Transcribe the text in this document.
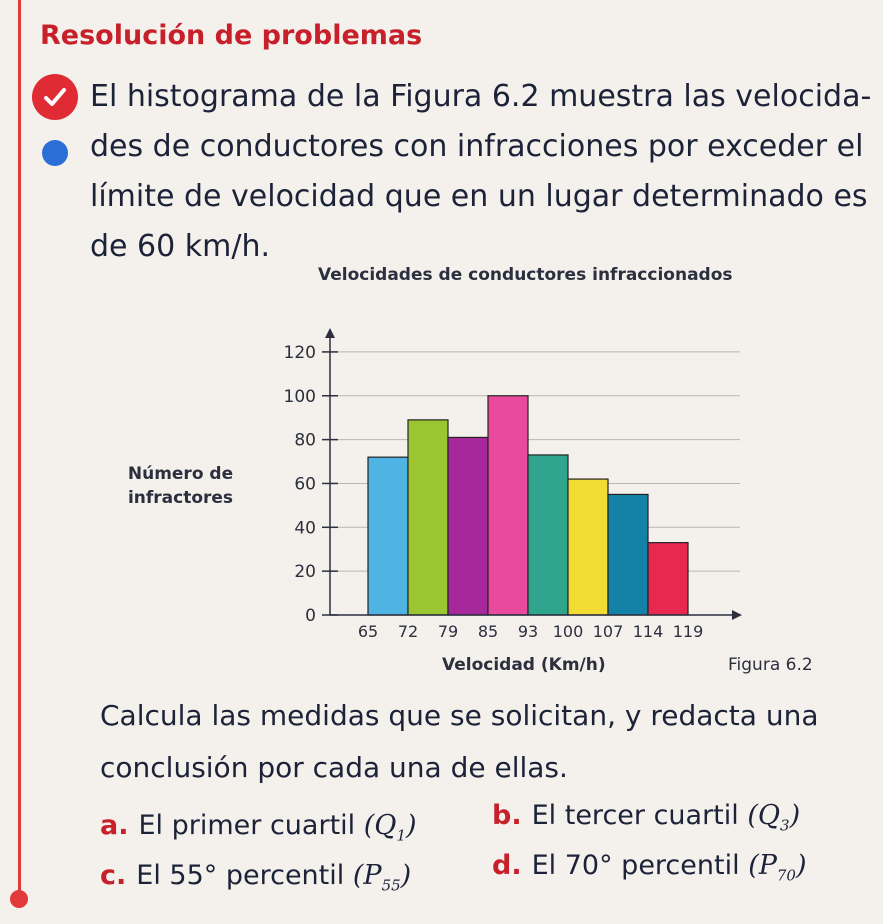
Resolución de problemas
El histograma de la Figura 6.2 muestra las velocida-
des de conductores con infracciones por exceder el
límite de velocidad que en un lugar determinado es
de 60 km/h.
Velocidades de conductores infraccionados
Número de
infractores
0
20
40
60
80
100
120
65 72 79 85 93 100 107 114 119
Velocidad (Km/h)	Figura 6.2
Calcula las medidas que se solicitan, y redacta una
conclusión por cada una de ellas.
a. El primer cuartil $(Q_1)$	b. El tercer cuartil $(Q_3)$
c. El 55° percentil $(P_{55})$	d. El 70° percentil $(P_{70})$
